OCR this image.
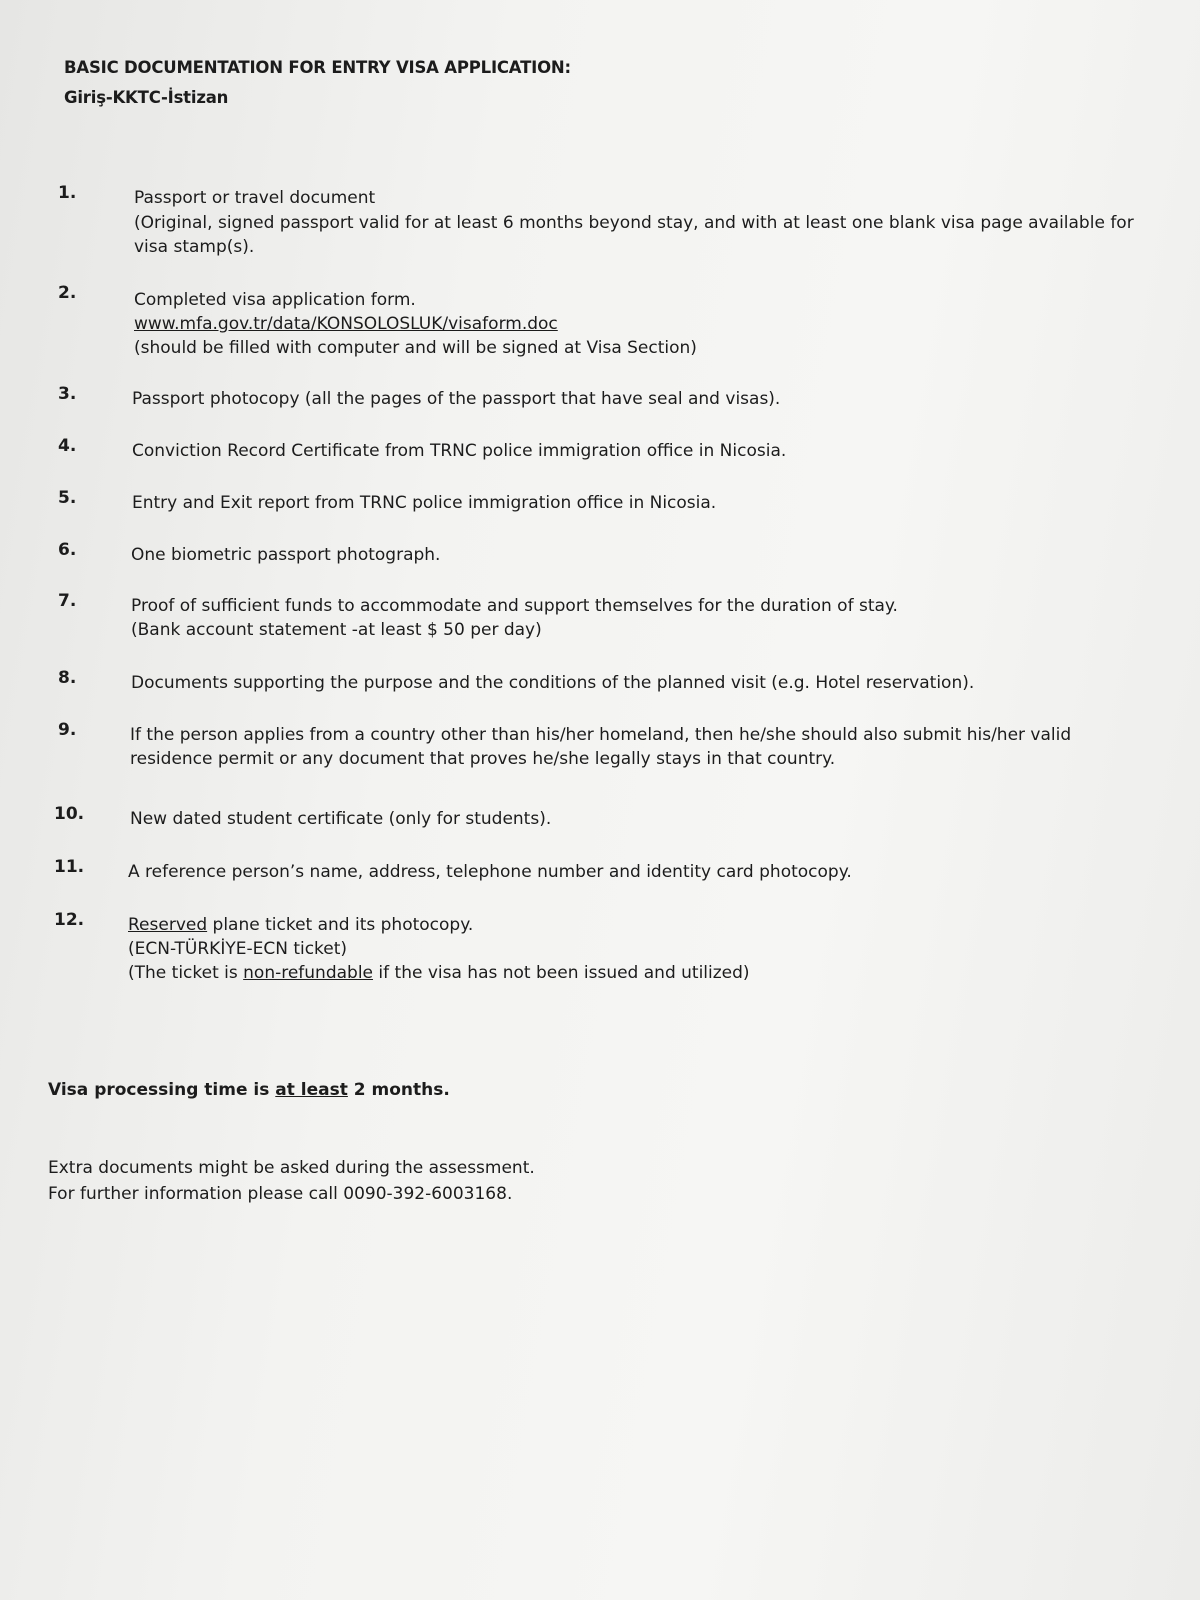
BASIC DOCUMENTATION FOR ENTRY VISA APPLICATION:
Giriş-KKTC-İstizan
1.	Passport or travel document
(Original, signed passport valid for at least 6 months beyond stay, and with at least one blank visa page available for
visa stamp(s).
2.	Completed visa application form.
www.mfa.gov.tr/data/KONSOLOSLUK/visaform.doc
(should be filled with computer and will be signed at Visa Section)
3.	Passport photocopy (all the pages of the passport that have seal and visas).
4.	Conviction Record Certificate from TRNC police immigration office in Nicosia.
5.	Entry and Exit report from TRNC police immigration office in Nicosia.
6.	One biometric passport photograph.
7.	Proof of sufficient funds to accommodate and support themselves for the duration of stay.
(Bank account statement -at least $ 50 per day)
8.	Documents supporting the purpose and the conditions of the planned visit (e.g. Hotel reservation).
9.	If the person applies from a country other than his/her homeland, then he/she should also submit his/her valid
residence permit or any document that proves he/she legally stays in that country.
10.	New dated student certificate (only for students).
11.	A reference person’s name, address, telephone number and identity card photocopy.
12.	Reserved plane ticket and its photocopy.
(ECN-TÜRKİYE-ECN ticket)
(The ticket is non-refundable if the visa has not been issued and utilized)
Visa processing time is at least 2 months.
Extra documents might be asked during the assessment.
For further information please call 0090-392-6003168.
